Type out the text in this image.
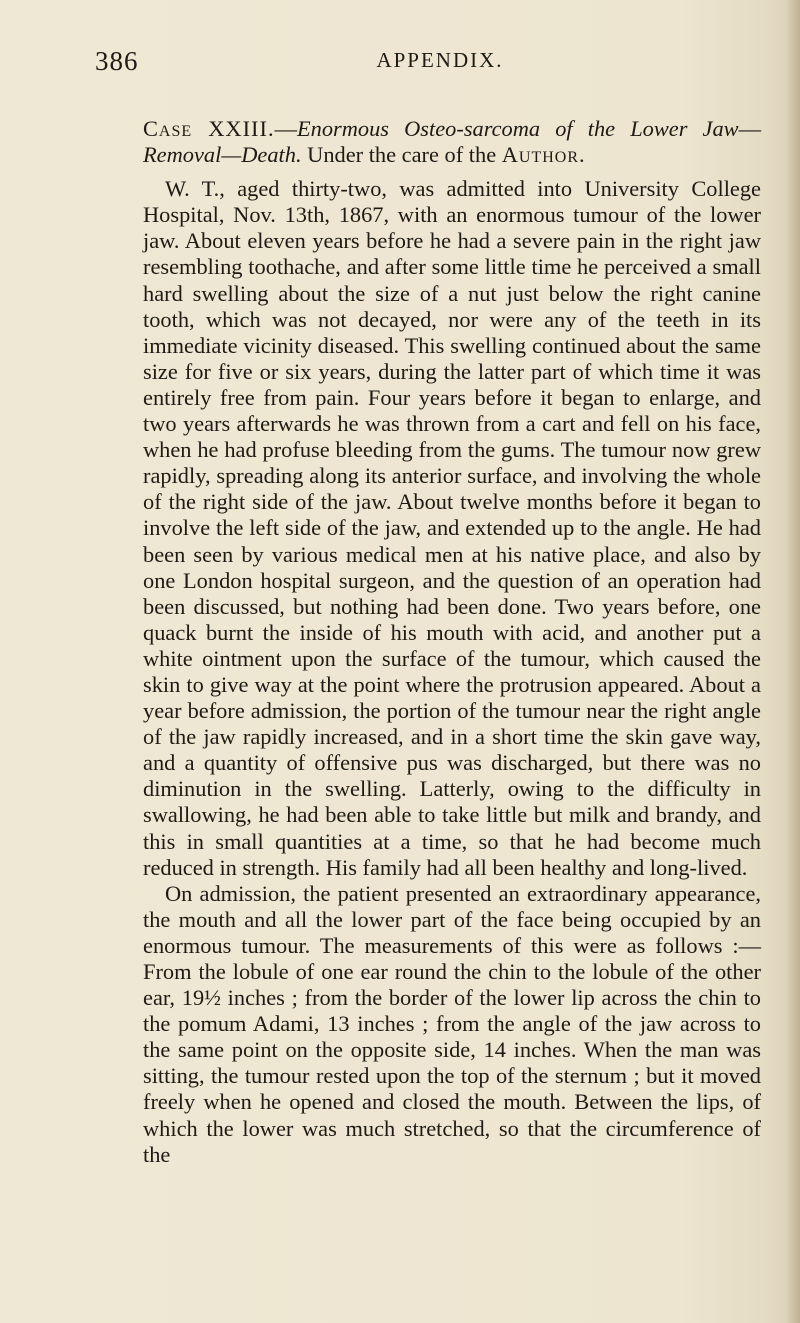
386	APPENDIX.
Case XXIII.—Enormous Osteo-sarcoma of the Lower Jaw—Removal—Death. Under the care of the Author.

W. T., aged thirty-two, was admitted into University College Hospital, Nov. 13th, 1867, with an enormous tumour of the lower jaw. About eleven years before he had a severe pain in the right jaw resembling toothache, and after some little time he perceived a small hard swelling about the size of a nut just below the right canine tooth, which was not decayed, nor were any of the teeth in its immediate vicinity diseased. This swelling continued about the same size for five or six years, during the latter part of which time it was entirely free from pain. Four years before it began to enlarge, and two years afterwards he was thrown from a cart and fell on his face, when he had profuse bleeding from the gums. The tumour now grew rapidly, spreading along its anterior surface, and involving the whole of the right side of the jaw. About twelve months before it began to involve the left side of the jaw, and extended up to the angle. He had been seen by various medical men at his native place, and also by one London hospital surgeon, and the question of an operation had been discussed, but nothing had been done. Two years before, one quack burnt the inside of his mouth with acid, and another put a white ointment upon the surface of the tumour, which caused the skin to give way at the point where the protrusion appeared. About a year before admission, the portion of the tumour near the right angle of the jaw rapidly increased, and in a short time the skin gave way, and a quantity of offensive pus was discharged, but there was no diminution in the swelling. Latterly, owing to the difficulty in swallowing, he had been able to take little but milk and brandy, and this in small quantities at a time, so that he had become much reduced in strength. His family had all been healthy and long-lived.

On admission, the patient presented an extraordinary appearance, the mouth and all the lower part of the face being occupied by an enormous tumour. The measurements of this were as follows :—From the lobule of one ear round the chin to the lobule of the other ear, 19½ inches ; from the border of the lower lip across the chin to the pomum Adami, 13 inches ; from the angle of the jaw across to the same point on the opposite side, 14 inches. When the man was sitting, the tumour rested upon the top of the sternum ; but it moved freely when he opened and closed the mouth. Between the lips, of which the lower was much stretched, so that the circumference of the
